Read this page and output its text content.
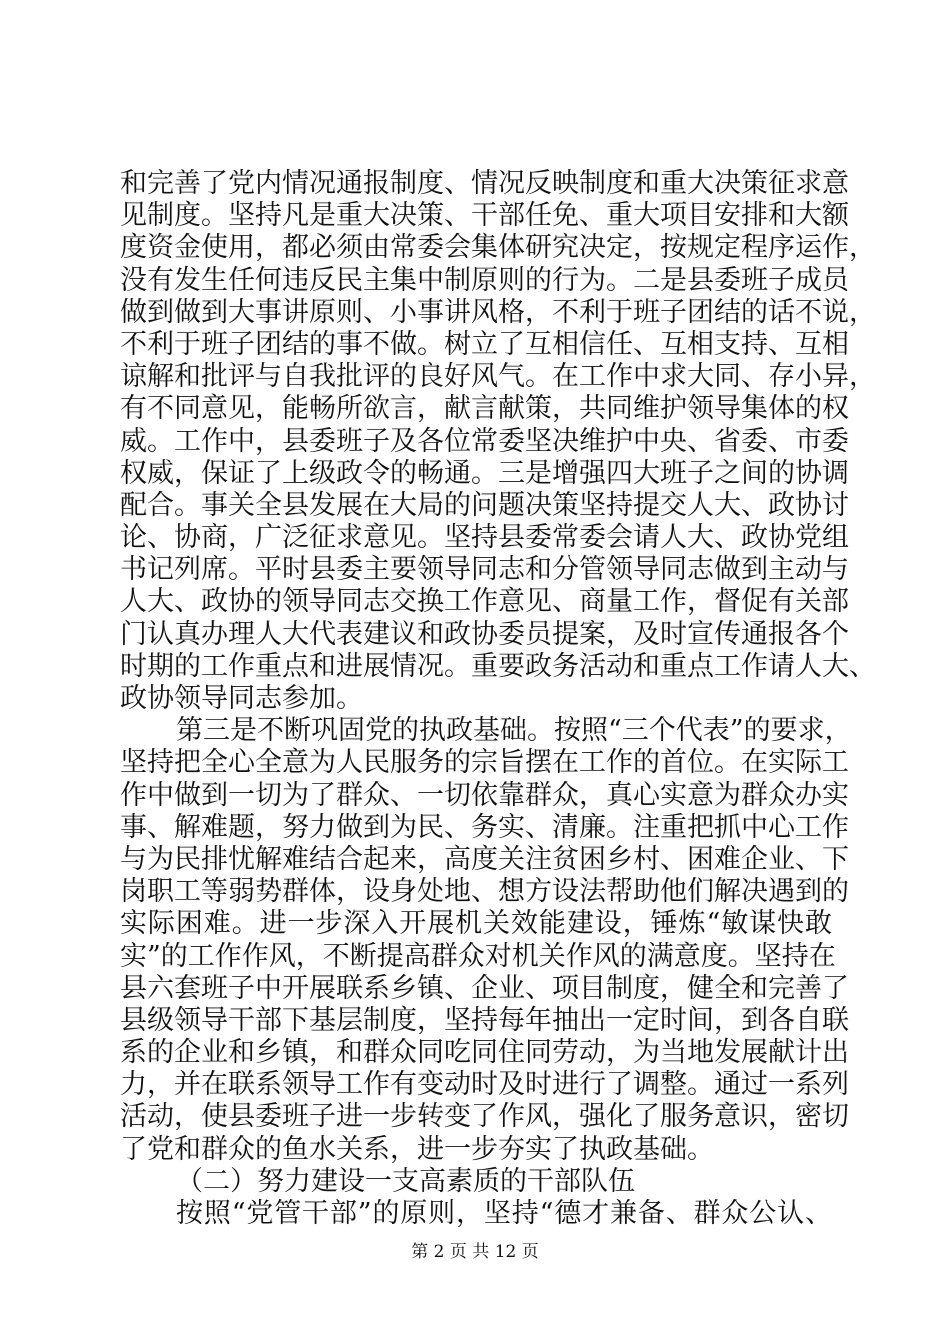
和完善了党内情况通报制度、情况反映制度和重大决策征求意
见制度。坚持凡是重大决策、干部任免、重大项目安排和大额
度资金使用，都必须由常委会集体研究决定，按规定程序运作，
没有发生任何违反民主集中制原则的行为。二是县委班子成员
做到做到大事讲原则、小事讲风格，不利于班子团结的话不说，
不利于班子团结的事不做。树立了互相信任、互相支持、互相
谅解和批评与自我批评的良好风气。在工作中求大同、存小异，
有不同意见，能畅所欲言，献言献策，共同维护领导集体的权
威。工作中，县委班子及各位常委坚决维护中央、省委、市委
权威，保证了上级政令的畅通。三是增强四大班子之间的协调
配合。事关全县发展在大局的问题决策坚持提交人大、政协讨
论、协商，广泛征求意见。坚持县委常委会请人大、政协党组
书记列席。平时县委主要领导同志和分管领导同志做到主动与
人大、政协的领导同志交换工作意见、商量工作，督促有关部
门认真办理人大代表建议和政协委员提案，及时宣传通报各个
时期的工作重点和进展情况。重要政务活动和重点工作请人大、
政协领导同志参加。
第三是不断巩固党的执政基础。按照“三个代表”的要求，
坚持把全心全意为人民服务的宗旨摆在工作的首位。在实际工
作中做到一切为了群众、一切依靠群众，真心实意为群众办实
事、解难题，努力做到为民、务实、清廉。注重把抓中心工作
与为民排忧解难结合起来，高度关注贫困乡村、困难企业、下
岗职工等弱势群体，设身处地、想方设法帮助他们解决遇到的
实际困难。进一步深入开展机关效能建设，锤炼“敏谋快敢
实”的工作作风，不断提高群众对机关作风的满意度。坚持在
县六套班子中开展联系乡镇、企业、项目制度，健全和完善了
县级领导干部下基层制度，坚持每年抽出一定时间，到各自联
系的企业和乡镇，和群众同吃同住同劳动，为当地发展献计出
力，并在联系领导工作有变动时及时进行了调整。通过一系列
活动，使县委班子进一步转变了作风，强化了服务意识，密切
了党和群众的鱼水关系，进一步夯实了执政基础。
（二）努力建设一支高素质的干部队伍
按照“党管干部”的原则，坚持“德才兼备、群众公认、
第 2 页 共 12 页
